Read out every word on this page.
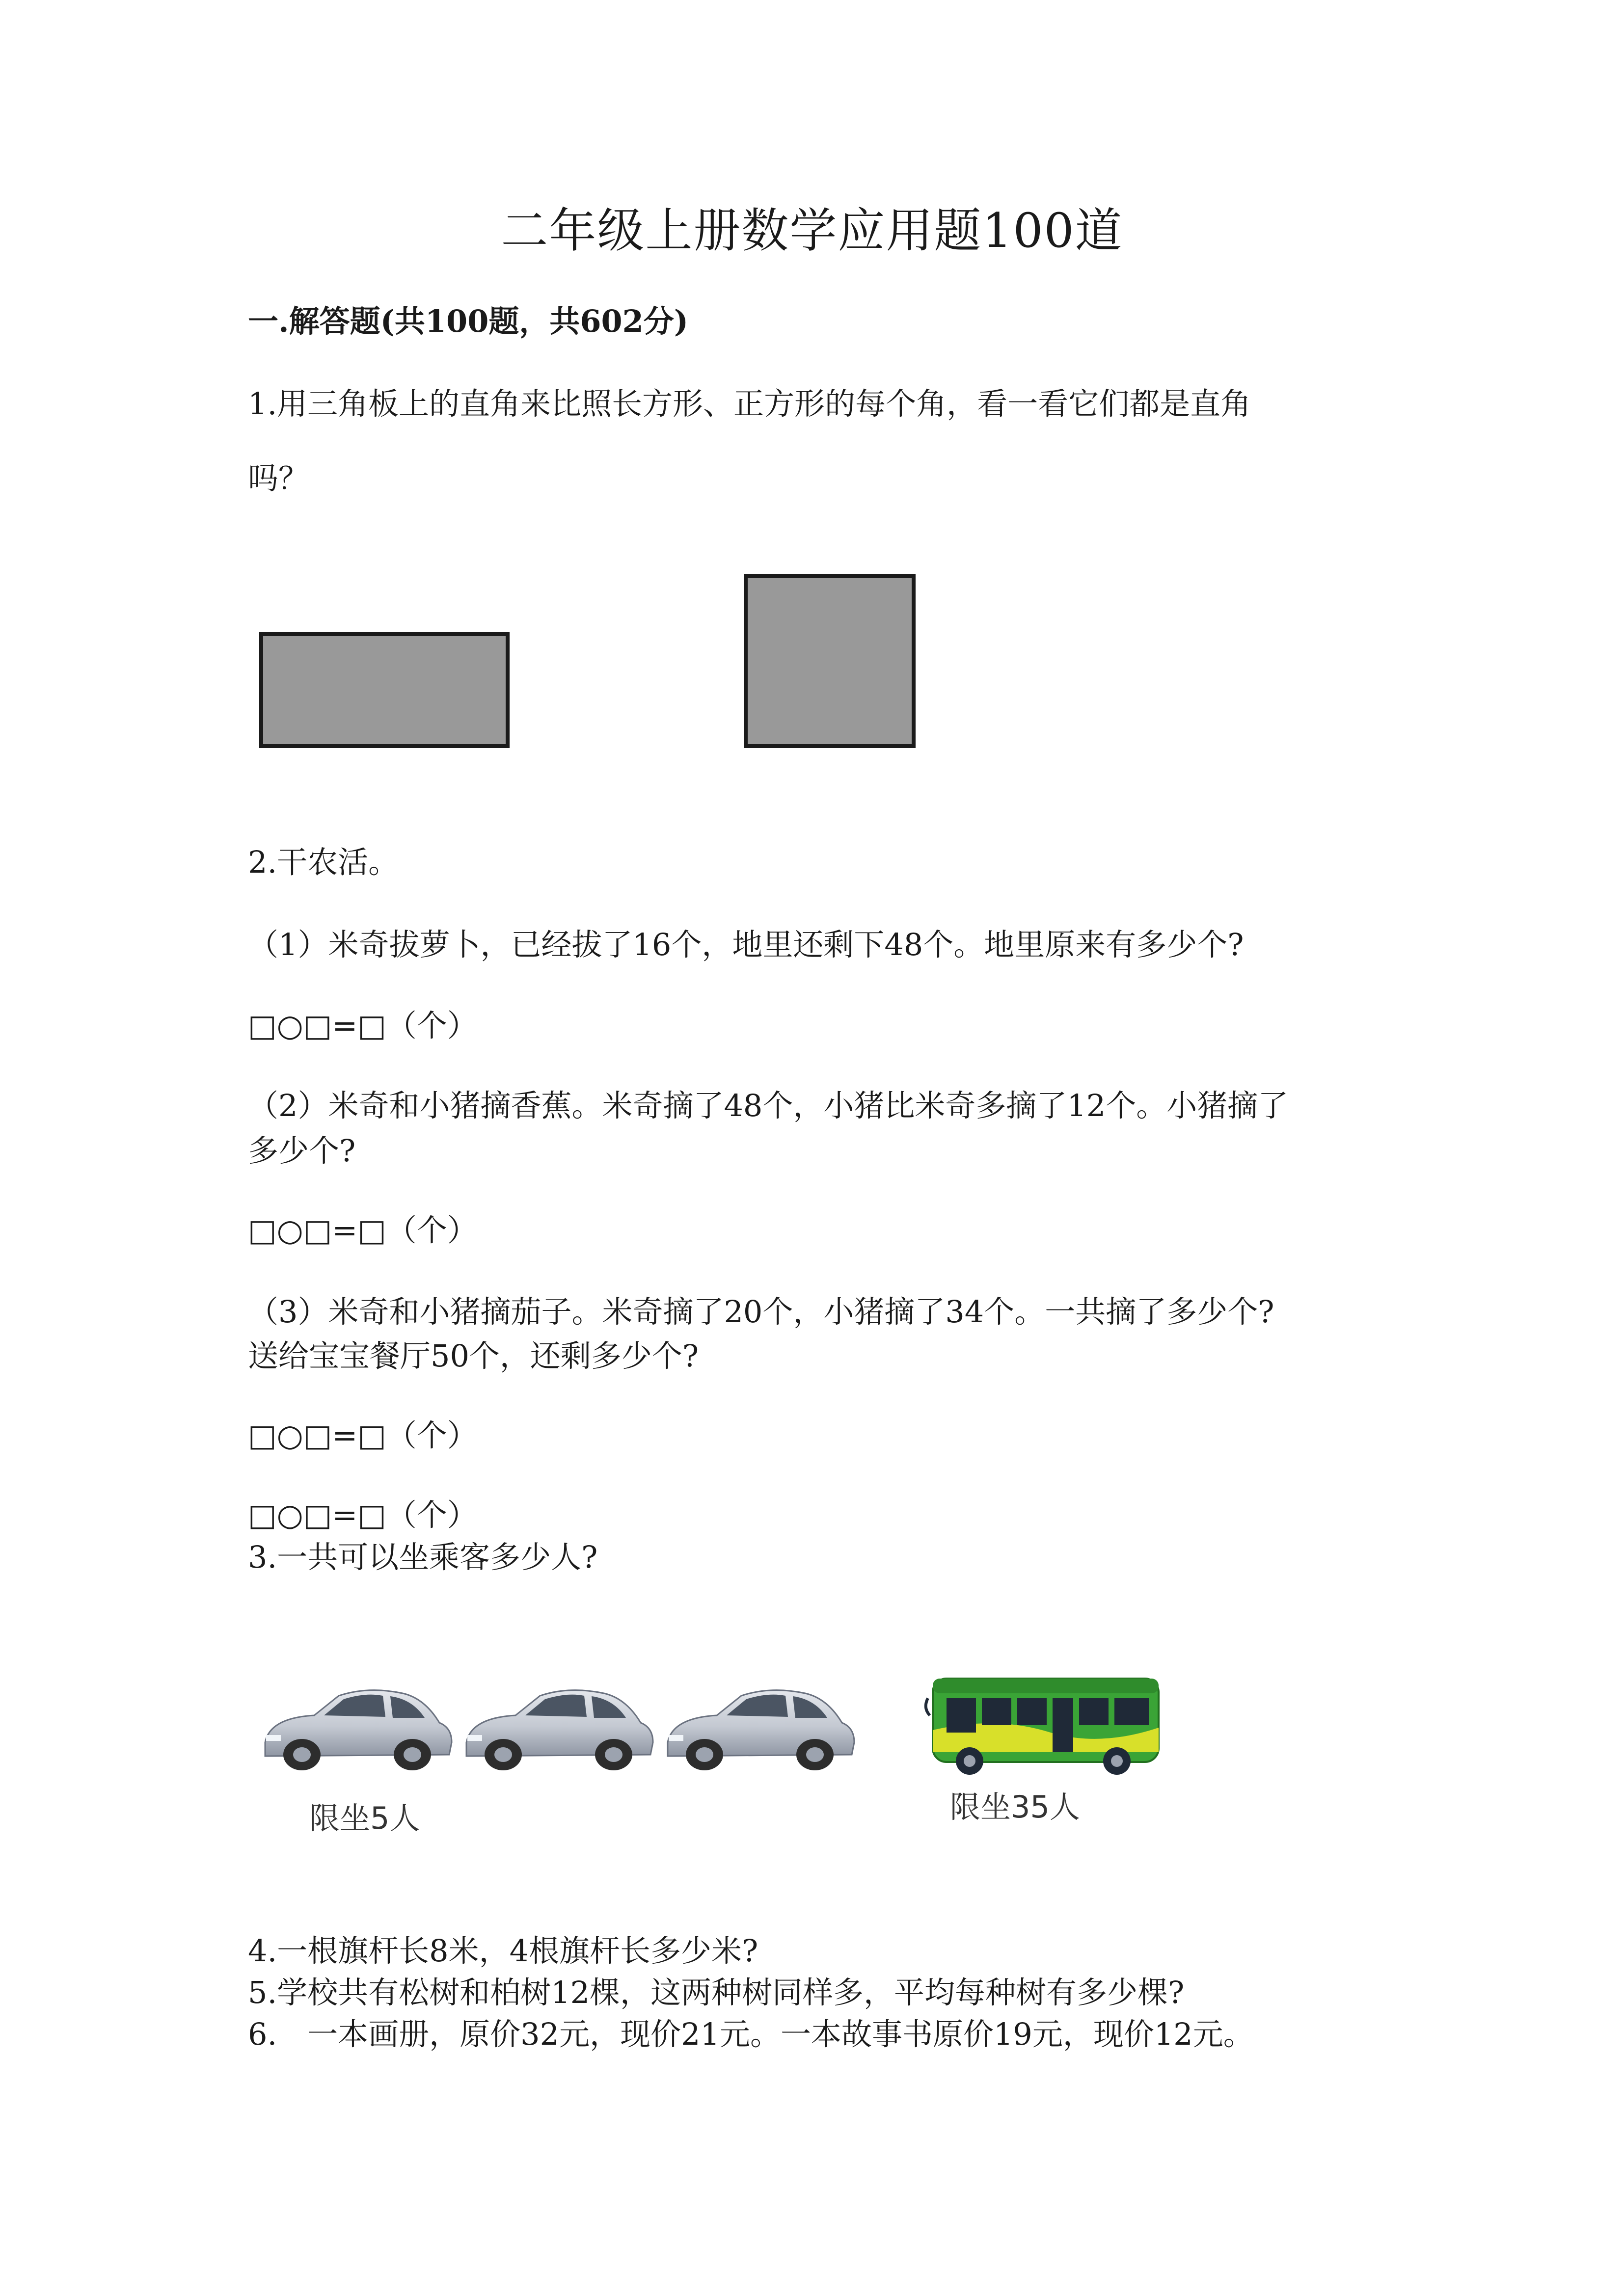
二年级上册数学应用题100道
一.解答题(共100题，共602分)
1.用三角板上的直角来比照长方形、正方形的每个角，看一看它们都是直角
吗？
2.干农活。
（1）米奇拔萝卜，已经拔了16个，地里还剩下48个。地里原来有多少个?
□○□=□（个）
（2）米奇和小猪摘香蕉。米奇摘了48个，小猪比米奇多摘了12个。小猪摘了
多少个?
□○□=□（个）
（3）米奇和小猪摘茄子。米奇摘了20个，小猪摘了34个。一共摘了多少个?
送给宝宝餐厅50个，还剩多少个?
□○□=□（个）
□○□=□（个）
3.一共可以坐乘客多少人?
限坐5人	限坐35人
4.一根旗杆长8米，4根旗杆长多少米?
5.学校共有松树和柏树12棵，这两种树同样多，平均每种树有多少棵?
6.　一本画册，原价32元，现价21元。一本故事书原价19元，现价12元。
